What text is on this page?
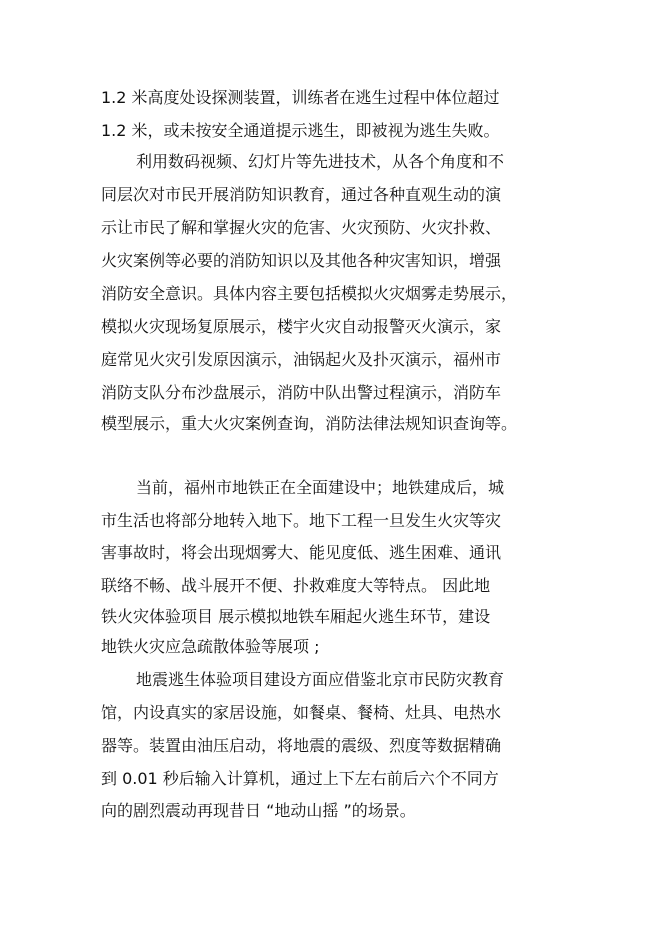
1.2 米高度处设探测装置，训练者在逃生过程中体位超过

1.2 米，或未按安全通道提示逃生，即被视为逃生失败。

利用数码视频、幻灯片等先进技术，从各个角度和不

同层次对市民开展消防知识教育，通过各种直观生动的演

示让市民了解和掌握火灾的危害、火灾预防、火灾扑救、

火灾案例等必要的消防知识以及其他各种灾害知识，增强

消防安全意识。具体内容主要包括模拟火灾烟雾走势展示，

模拟火灾现场复原展示，楼宇火灾自动报警灭火演示，家

庭常见火灾引发原因演示，油锅起火及扑灭演示，福州市

消防支队分布沙盘展示，消防中队出警过程演示，消防车

模型展示，重大火灾案例查询，消防法律法规知识查询等。

当前，福州市地铁正在全面建设中；地铁建成后，城

市生活也将部分地转入地下。地下工程一旦发生火灾等灾

害事故时，将会出现烟雾大、能见度低、逃生困难、通讯

联络不畅、战斗展开不便、扑救难度大等特点。 因此地

铁火灾体验项目 展示模拟地铁车厢起火逃生环节，建设

地铁火灾应急疏散体验等展项 ;

地震逃生体验项目建设方面应借鉴北京市民防灾教育

馆，内设真实的家居设施，如餐桌、餐椅、灶具、电热水

器等。装置由油压启动，将地震的震级、烈度等数据精确

到 0.01 秒后输入计算机，通过上下左右前后六个不同方

向的剧烈震动再现昔日 “地动山摇 ”的场景。
